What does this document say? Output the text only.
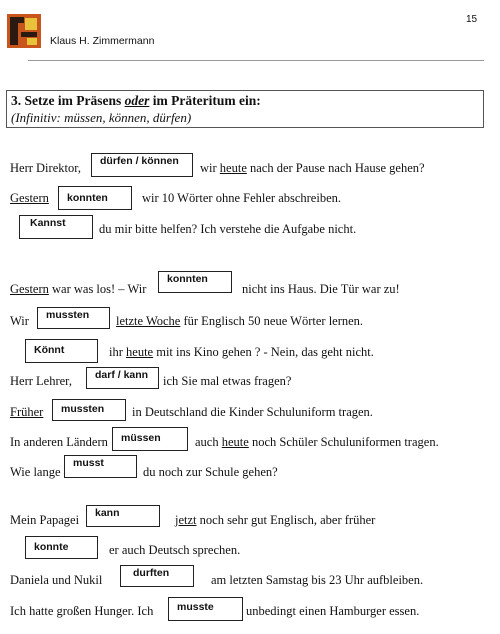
Klaus H. Zimmermann
15
3. Setze im Präsens oder im Präteritum ein:
(Infinitiv: müssen, können, dürfen)
Herr Direktor,	dürfen / können	wir heute nach der Pause nach Hause gehen?
Gestern	konnten	wir 10 Wörter ohne Fehler abschreiben.
Kannst	du mir bitte helfen? Ich verstehe die Aufgabe nicht.
Gestern war was los! – Wir
konnten
nicht ins Haus. Die Tür war zu!
Wir	mussten	letzte Woche für Englisch 50 neue Wörter lernen.
Könnt	ihr heute mit ins Kino gehen ? - Nein, das geht nicht.
Herr Lehrer,	darf / kann	ich Sie mal etwas fragen?
Früher	mussten	in Deutschland die Kinder Schuluniform tragen.
In anderen Ländern	müssen	auch heute noch Schüler Schuluniformen tragen.
Wie lange
musst
du noch zur Schule gehen?
Mein Papagei	kann	jetzt noch sehr gut Englisch, aber früher
konnte	er auch Deutsch sprechen.
Daniela und Nukil	durften	am letzten Samstag bis 23 Uhr aufbleiben.
Ich hatte großen Hunger. Ich	musste	unbedingt einen Hamburger essen.
